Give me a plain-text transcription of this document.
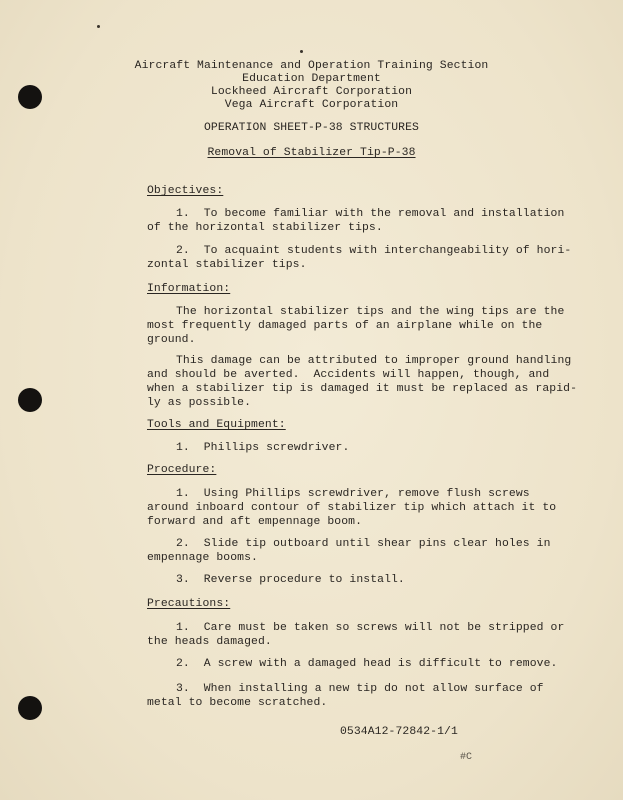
Aircraft Maintenance and Operation Training Section
Education Department
Lockheed Aircraft Corporation
Vega Aircraft Corporation
OPERATION SHEET-P-38 STRUCTURES
Removal of Stabilizer Tip-P-38
Objectives:
1.  To become familiar with the removal and installation
of the horizontal stabilizer tips.
2.  To acquaint students with interchangeability of hori-
zontal stabilizer tips.
Information:
The horizontal stabilizer tips and the wing tips are the
most frequently damaged parts of an airplane while on the
ground.
This damage can be attributed to improper ground handling
and should be averted.  Accidents will happen, though, and
when a stabilizer tip is damaged it must be replaced as rapid-
ly as possible.
Tools and Equipment:
1.  Phillips screwdriver.
Procedure:
1.  Using Phillips screwdriver, remove flush screws
around inboard contour of stabilizer tip which attach it to
forward and aft empennage boom.
2.  Slide tip outboard until shear pins clear holes in
empennage booms.
3.  Reverse procedure to install.
Precautions:
1.  Care must be taken so screws will not be stripped or
the heads damaged.
2.  A screw with a damaged head is difficult to remove.
3.  When installing a new tip do not allow surface of
metal to become scratched.
0534A12-72842-1/1
#C
